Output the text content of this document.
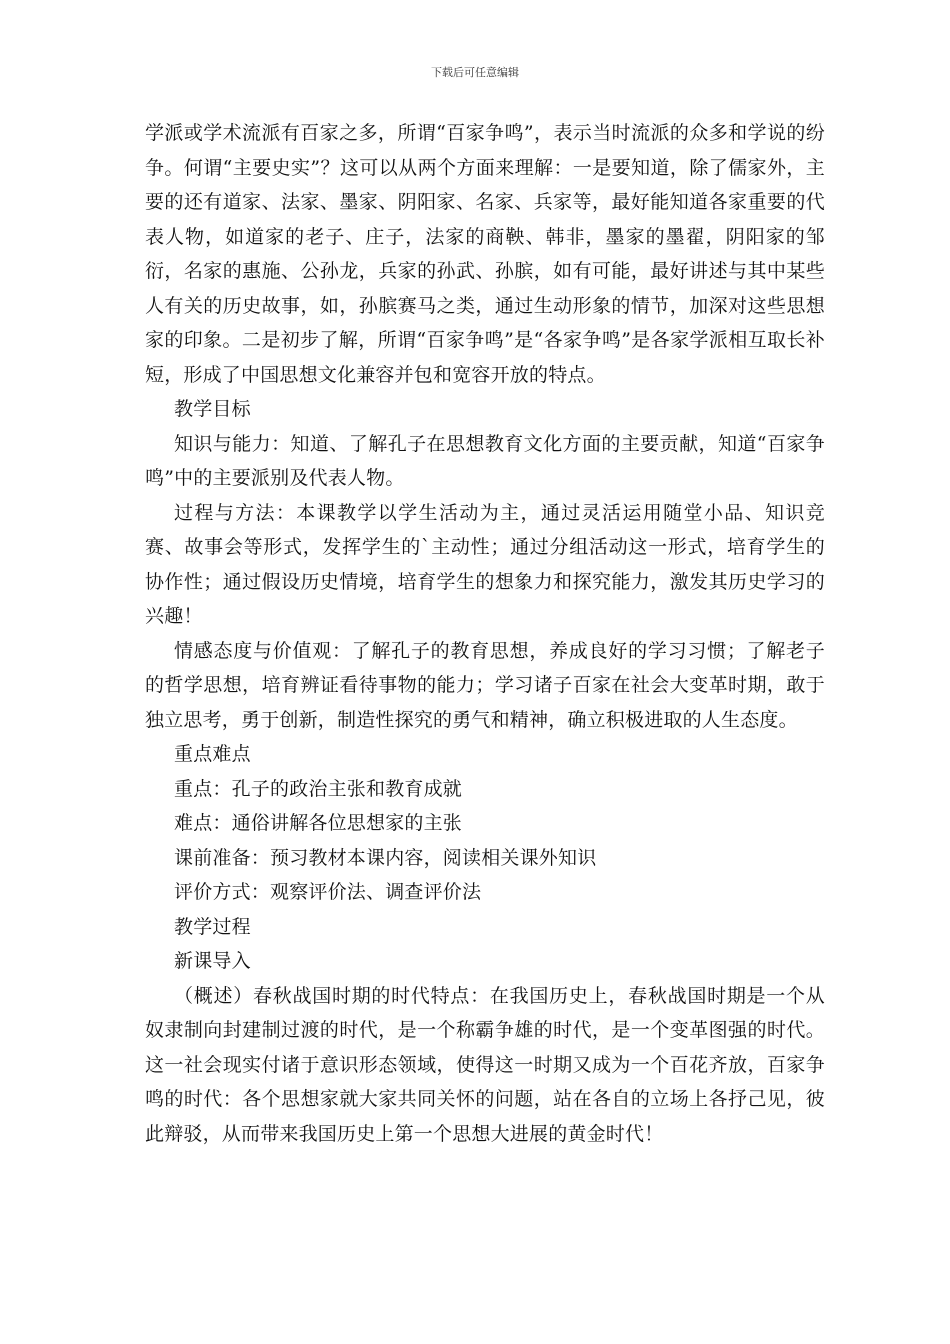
下载后可任意编辑

学派或学术流派有百家之多，所谓“百家争鸣”，表示当时流派的众多和学说的纷争。何谓“主要史实”？这可以从两个方面来理解：一是要知道，除了儒家外，主要的还有道家、法家、墨家、阴阳家、名家、兵家等，最好能知道各家重要的代表人物，如道家的老子、庄子，法家的商鞅、韩非，墨家的墨翟，阴阳家的邹衍，名家的惠施、公孙龙，兵家的孙武、孙膑，如有可能，最好讲述与其中某些人有关的历史故事，如，孙膑赛马之类，通过生动形象的情节，加深对这些思想家的印象。二是初步了解，所谓“百家争鸣”是“各家争鸣”是各家学派相互取长补短，形成了中国思想文化兼容并包和宽容开放的特点。

教学目标

知识与能力：知道、了解孔子在思想教育文化方面的主要贡献，知道“百家争鸣”中的主要派别及代表人物。

过程与方法：本课教学以学生活动为主，通过灵活运用随堂小品、知识竞赛、故事会等形式，发挥学生的`主动性；通过分组活动这一形式，培育学生的协作性；通过假设历史情境，培育学生的想象力和探究能力，激发其历史学习的兴趣！

情感态度与价值观：了解孔子的教育思想，养成良好的学习习惯；了解老子的哲学思想，培育辨证看待事物的能力；学习诸子百家在社会大变革时期，敢于独立思考，勇于创新，制造性探究的勇气和精神，确立积极进取的人生态度。

重点难点

重点：孔子的政治主张和教育成就

难点：通俗讲解各位思想家的主张

课前准备：预习教材本课内容，阅读相关课外知识

评价方式：观察评价法、调查评价法

教学过程

新课导入

（概述）春秋战国时期的时代特点：在我国历史上，春秋战国时期是一个从奴隶制向封建制过渡的时代，是一个称霸争雄的时代，是一个变革图强的时代。这一社会现实付诸于意识形态领域，使得这一时期又成为一个百花齐放，百家争鸣的时代：各个思想家就大家共同关怀的问题，站在各自的立场上各抒己见，彼此辩驳，从而带来我国历史上第一个思想大进展的黄金时代！
